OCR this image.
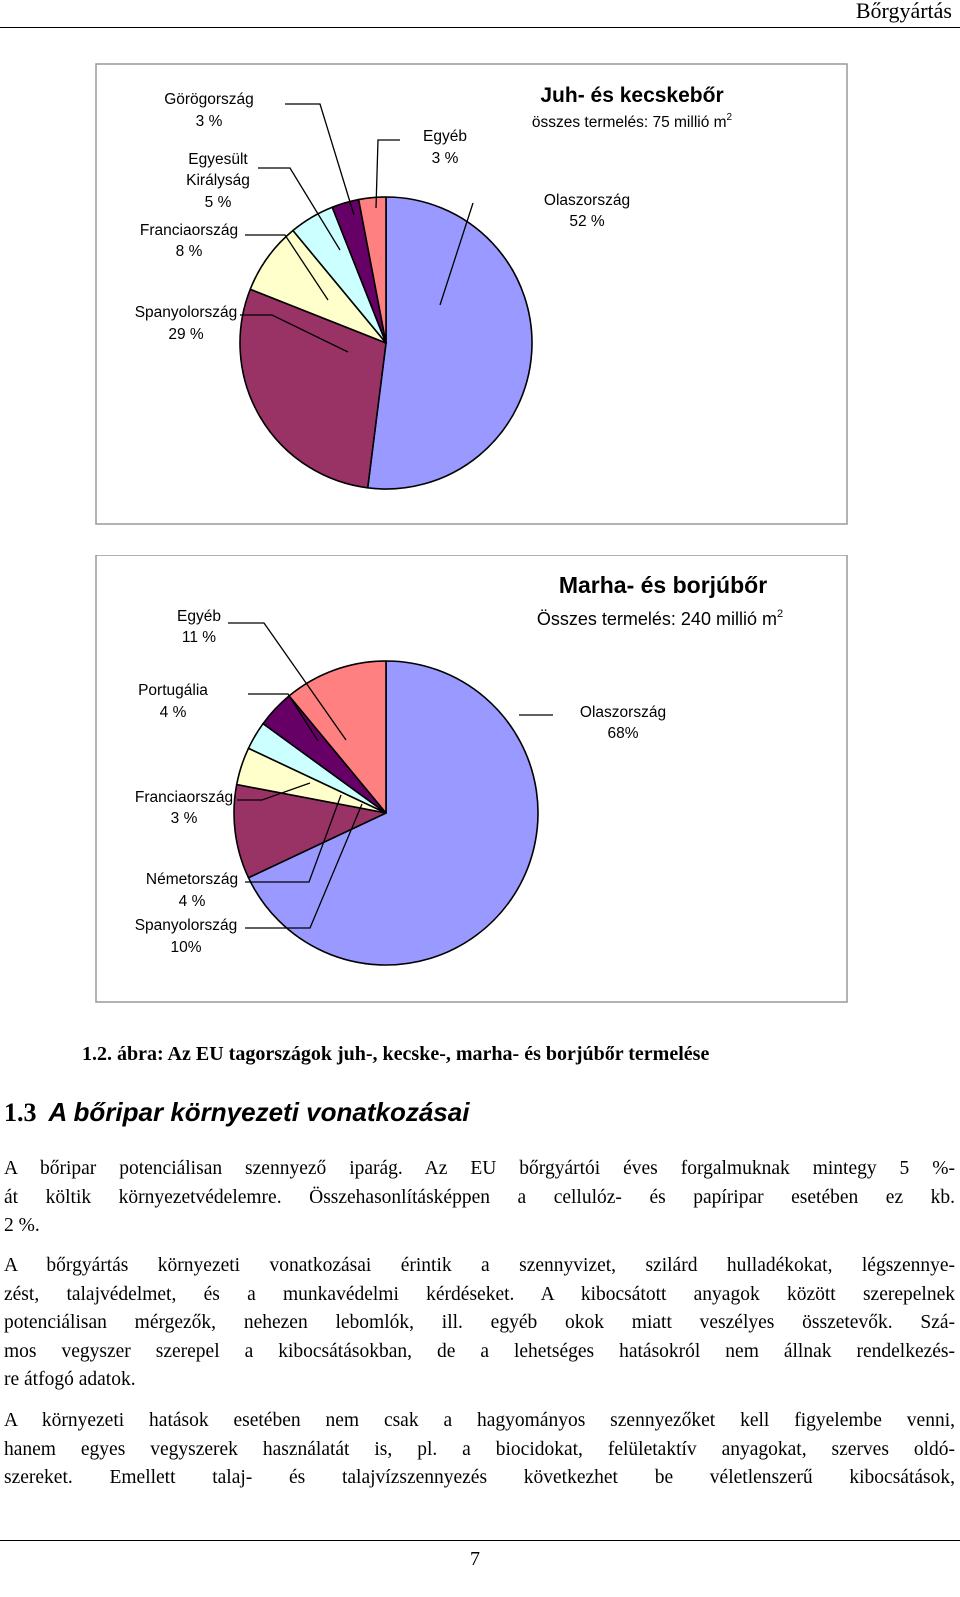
Bőrgyártás
Juh- és kecskebőr
összes termelés: 75 millió $m^2$
Olaszország
52 %
Spanyolország
29 %
Franciaország
8 %
Egyesült
Királyság
5 %
Görögország
3 %
Egyéb
3 %
Marha- és borjúbőr
Összes termelés: 240 millió $m^2$
Olaszország
68%
Spanyolország
10%
Németország
4 %
Franciaország
3 %
Portugália
4 %
Egyéb
11 %
1.2. ábra: Az EU tagországok juh-, kecske-, marha- és borjúbőr termelése
1.3 A bőripar környezeti vonatkozásai
A bőripar potenciálisan szennyező iparág. Az EU bőrgyártói éves forgalmuknak mintegy 5 %-
át költik környezetvédelemre. Összehasonlításképpen a cellulóz- és papíripar esetében ez kb.
2 %.
A bőrgyártás környezeti vonatkozásai érintik a szennyvizet, szilárd hulladékokat, légszennye-
zést, talajvédelmet, és a munkavédelmi kérdéseket. A kibocsátott anyagok között szerepelnek
potenciálisan mérgezők, nehezen lebomlók, ill. egyéb okok miatt veszélyes összetevők. Szá-
mos vegyszer szerepel a kibocsátásokban, de a lehetséges hatásokról nem állnak rendelkezés-
re átfogó adatok.
A környezeti hatások esetében nem csak a hagyományos szennyezőket kell figyelembe venni,
hanem egyes vegyszerek használatát is, pl. a biocidokat, felületaktív anyagokat, szerves oldó-
szereket. Emellett talaj- és talajvízszennyezés következhet be véletlenszerű kibocsátások,
7
